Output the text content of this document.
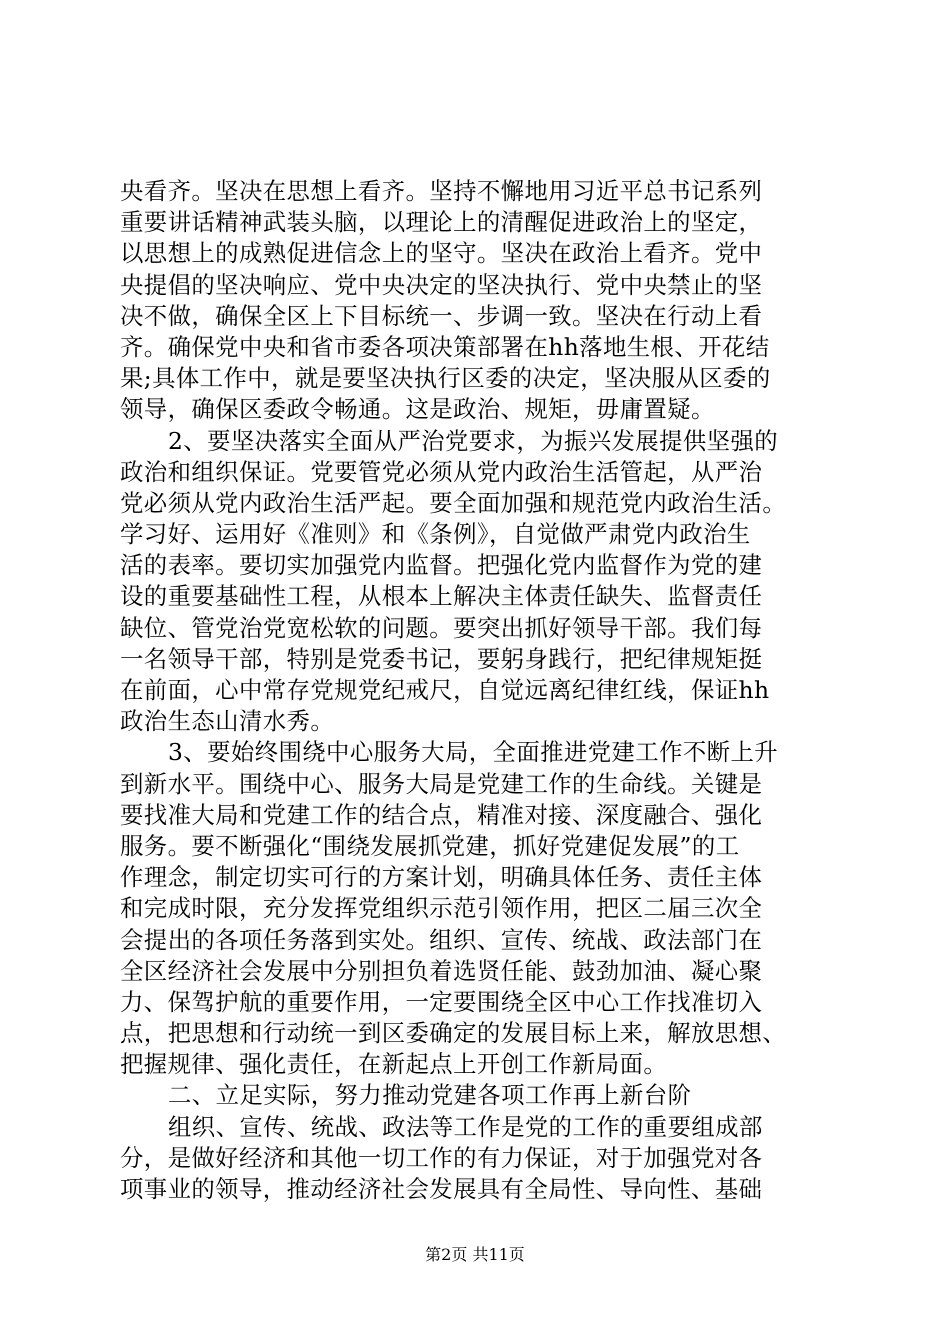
央看齐。坚决在思想上看齐。坚持不懈地用习近平总书记系列
重要讲话精神武装头脑，以理论上的清醒促进政治上的坚定，
以思想上的成熟促进信念上的坚守。坚决在政治上看齐。党中
央提倡的坚决响应、党中央决定的坚决执行、党中央禁止的坚
决不做，确保全区上下目标统一、步调一致。坚决在行动上看
齐。确保党中央和省市委各项决策部署在hh落地生根、开花结
果;具体工作中，就是要坚决执行区委的决定，坚决服从区委的
领导，确保区委政令畅通。这是政治、规矩，毋庸置疑。
2、要坚决落实全面从严治党要求，为振兴发展提供坚强的
政治和组织保证。党要管党必须从党内政治生活管起，从严治
党必须从党内政治生活严起。要全面加强和规范党内政治生活。
学习好、运用好《准则》和《条例》，自觉做严肃党内政治生
活的表率。要切实加强党内监督。把强化党内监督作为党的建
设的重要基础性工程，从根本上解决主体责任缺失、监督责任
缺位、管党治党宽松软的问题。要突出抓好领导干部。我们每
一名领导干部，特别是党委书记，要躬身践行，把纪律规矩挺
在前面，心中常存党规党纪戒尺，自觉远离纪律红线，保证hh
政治生态山清水秀。
3、要始终围绕中心服务大局，全面推进党建工作不断上升
到新水平。围绕中心、服务大局是党建工作的生命线。关键是
要找准大局和党建工作的结合点，精准对接、深度融合、强化
服务。要不断强化“围绕发展抓党建，抓好党建促发展”的工
作理念，制定切实可行的方案计划，明确具体任务、责任主体
和完成时限，充分发挥党组织示范引领作用，把区二届三次全
会提出的各项任务落到实处。组织、宣传、统战、政法部门在
全区经济社会发展中分别担负着选贤任能、鼓劲加油、凝心聚
力、保驾护航的重要作用，一定要围绕全区中心工作找准切入
点，把思想和行动统一到区委确定的发展目标上来，解放思想、
把握规律、强化责任，在新起点上开创工作新局面。
二、立足实际，努力推动党建各项工作再上新台阶
组织、宣传、统战、政法等工作是党的工作的重要组成部
分，是做好经济和其他一切工作的有力保证，对于加强党对各
项事业的领导，推动经济社会发展具有全局性、导向性、基础
第2页 共11页
